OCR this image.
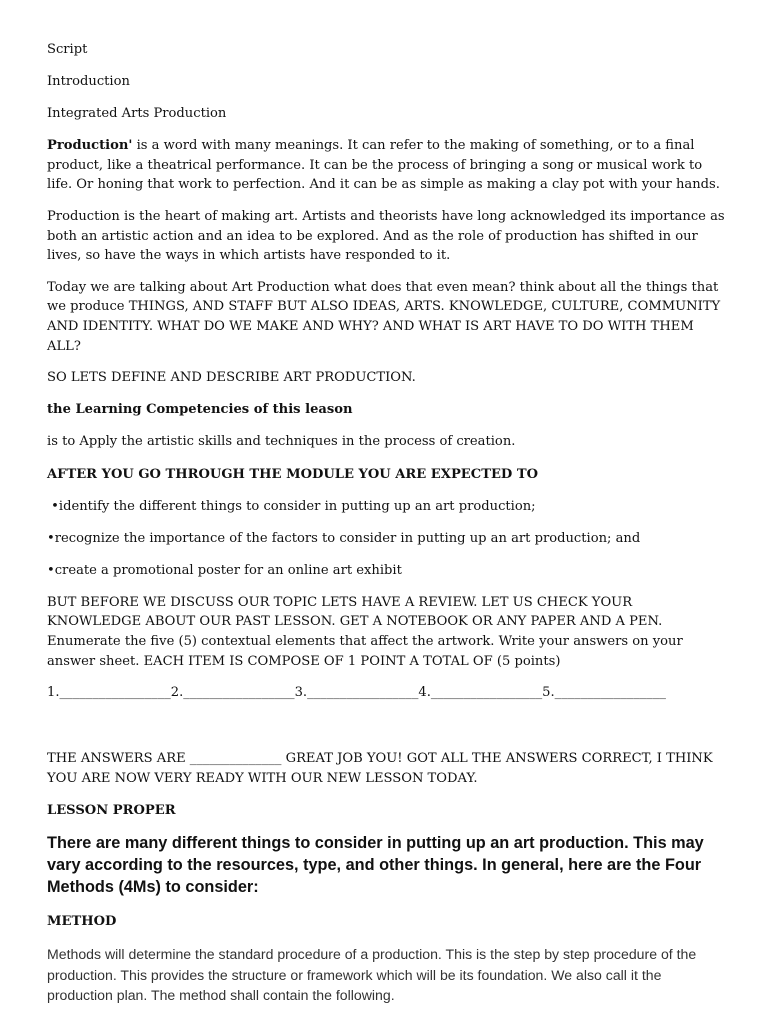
Script

Introduction

Integrated Arts Production

Production' is a word with many meanings. It can refer to the making of something, or to a final product, like a theatrical performance. It can be the process of bringing a song or musical work to life. Or honing that work to perfection. And it can be as simple as making a clay pot with your hands.

Production is the heart of making art. Artists and theorists have long acknowledged its importance as both an artistic action and an idea to be explored. And as the role of production has shifted in our lives, so have the ways in which artists have responded to it.

Today we are talking about Art Production what does that even mean? think about all the things that we produce THINGS, AND STAFF BUT ALSO IDEAS, ARTS. KNOWLEDGE, CULTURE, COMMUNITY AND IDENTITY. WHAT DO WE MAKE AND WHY? AND WHAT IS ART HAVE TO DO WITH THEM ALL?

SO LETS DEFINE AND DESCRIBE ART PRODUCTION.

the Learning Competencies of this leason

is to Apply the artistic skills and techniques in the process of creation.

AFTER YOU GO THROUGH THE MODULE YOU ARE EXPECTED TO

•identify the different things to consider in putting up an art production;

•recognize the importance of the factors to consider in putting up an art production; and

•create a promotional poster for an online art exhibit

BUT BEFORE WE DISCUSS OUR TOPIC LETS HAVE A REVIEW. LET US CHECK YOUR KNOWLEDGE ABOUT OUR PAST LESSON. GET A NOTEBOOK OR ANY PAPER AND A PEN. Enumerate the five (5) contextual elements that affect the artwork. Write your answers on your answer sheet. EACH ITEM IS COMPOSE OF 1 POINT A TOTAL OF (5 points)

1._________________2._________________3._________________4._________________5._________________

THE ANSWERS ARE ______________ GREAT JOB YOU! GOT ALL THE ANSWERS CORRECT, I THINK YOU ARE NOW VERY READY WITH OUR NEW LESSON TODAY.

LESSON PROPER

There are many different things to consider in putting up an art production. This may vary according to the resources, type, and other things. In general, here are the Four Methods (4Ms) to consider:

METHOD

Methods will determine the standard procedure of a production. This is the step by step procedure of the production. This provides the structure or framework which will be its foundation. We also call it the production plan. The method shall contain the following.
